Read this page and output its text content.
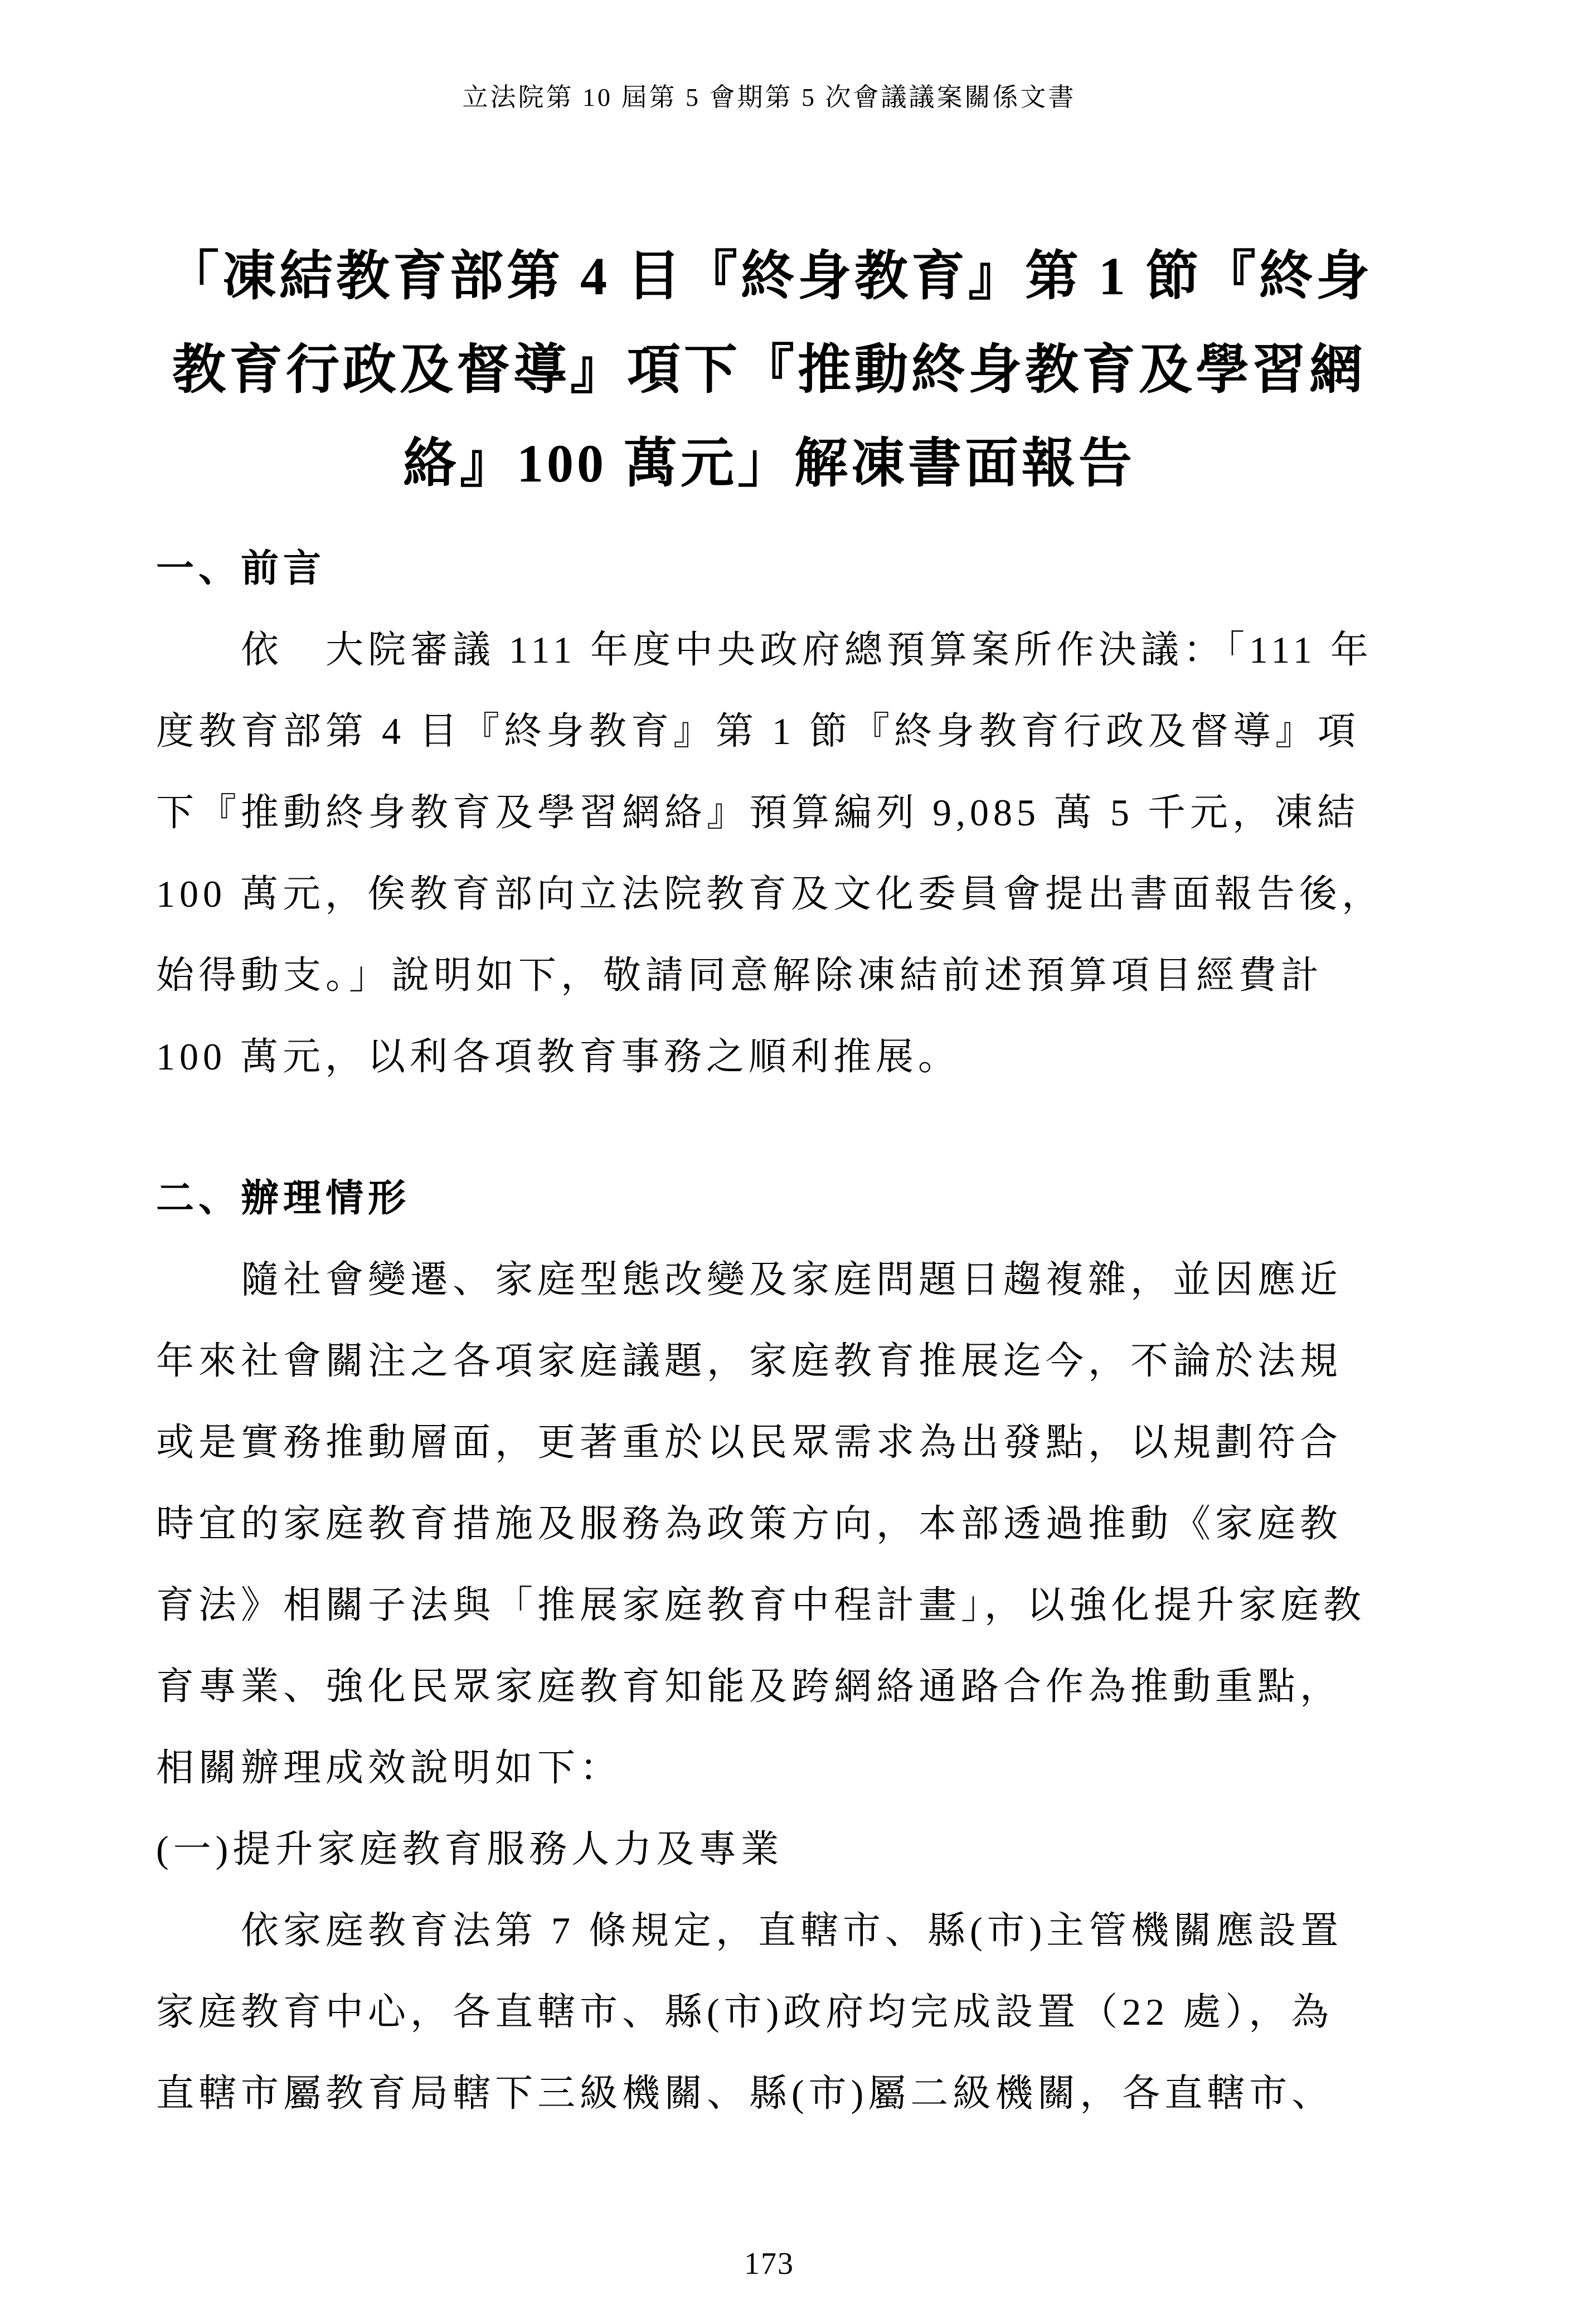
立法院第 10 屆第 5 會期第 5 次會議議案關係文書
「凍結教育部第 4 目『終身教育』第 1 節『終身
教育行政及督導』項下『推動終身教育及學習網
絡』100 萬元」解凍書面報告
一、前言
依　大院審議 111 年度中央政府總預算案所作決議：「111 年
度教育部第 4 目『終身教育』第 1 節『終身教育行政及督導』項
下『推動終身教育及學習網絡』預算編列 9,085 萬 5 千元，凍結
100 萬元，俟教育部向立法院教育及文化委員會提出書面報告後，
始得動支。」說明如下，敬請同意解除凍結前述預算項目經費計
100 萬元，以利各項教育事務之順利推展。
二、辦理情形
隨社會變遷、家庭型態改變及家庭問題日趨複雜，並因應近
年來社會關注之各項家庭議題，家庭教育推展迄今，不論於法規
或是實務推動層面，更著重於以民眾需求為出發點，以規劃符合
時宜的家庭教育措施及服務為政策方向，本部透過推動《家庭教
育法》相關子法與「推展家庭教育中程計畫」，以強化提升家庭教
育專業、強化民眾家庭教育知能及跨網絡通路合作為推動重點，
相關辦理成效說明如下：
(一)提升家庭教育服務人力及專業
依家庭教育法第 7 條規定，直轄市、縣(市)主管機關應設置
家庭教育中心，各直轄市、縣(市)政府均完成設置（22 處），為
直轄市屬教育局轄下三級機關、縣(市)屬二級機關，各直轄市、
173
